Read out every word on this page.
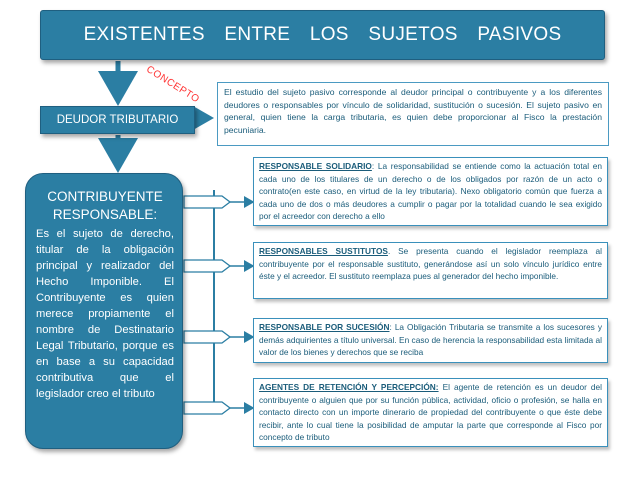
EXISTENTES ENTRE LOS SUJETOS PASIVOS
CONCEPTO
DEUDOR TRIBUTARIO
El estudio del sujeto pasivo corresponde al deudor principal o contribuyente y a los diferentes deudores o responsables por vínculo de solidaridad, sustitución o sucesión. El sujeto pasivo en general, quien tiene la carga tributaria, es quien debe proporcionar al Fisco la prestación pecuniaria.
CONTRIBUYENTE RESPONSABLE:
Es el sujeto de derecho, titular de la obligación principal y realizador del Hecho Imponible. El Contribuyente es quien merece propiamente el nombre de Destinatario Legal Tributario, porque es en base a su capacidad contributiva que el legislador creo el tributo
RESPONSABLE SOLIDARIO: La responsabilidad se entiende como la actuación total en cada uno de los titulares de un derecho o de los obligados por razón de un acto o contrato(en este caso, en virtud de la ley tributaria). Nexo obligatorio común que fuerza a cada uno de dos o más deudores a cumplir o pagar por la totalidad cuando le sea exigido por el acreedor con derecho a ello
RESPONSABLES SUSTITUTOS. Se presenta cuando el legislador reemplaza al contribuyente por el responsable sustituto, generándose así un solo vínculo jurídico entre éste y el acreedor. El sustituto reemplaza pues al generador del hecho imponible.
RESPONSABLE POR SUCESIÓN: La Obligación Tributaria se transmite a los sucesores y demás adquirientes a título universal. En caso de herencia la responsabilidad esta limitada al valor de los bienes y derechos que se reciba
AGENTES DE RETENCIÓN Y PERCEPCIÓN: El agente de retención es un deudor del contribuyente o alguien que por su función pública, actividad, oficio o profesión, se halla en contacto directo con un importe dinerario de propiedad del contribuyente o que éste debe recibir, ante lo cual tiene la posibilidad de amputar la parte que corresponde al Fisco por concepto de tributo
